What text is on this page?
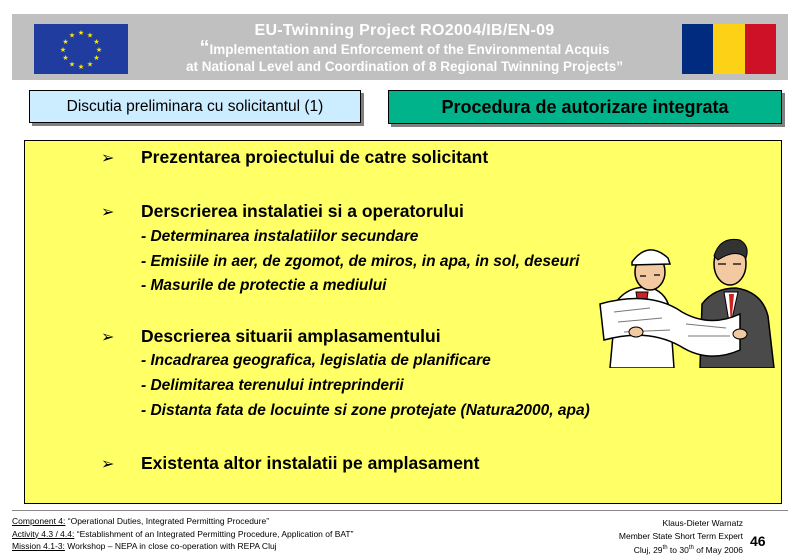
★ ★
★
★
★
★
★
★
★
★
★
★	EU-Twinning Project RO2004/IB/EN-09
“Implementation and Enforcement of the Environmental Acquis
at National Level and Coordination of 8 Regional Twinning Projects”
Discutia preliminara cu solicitantul (1)	Procedura de autorizare integrata
➢ Prezentarea proiectului de catre solicitant
➢ Derscrierea instalatiei si a operatorului
- Determinarea instalatiilor secundare
- Emisiile in aer, de zgomot, de miros, in apa, in sol, deseuri
- Masurile de protectie a mediului
➢ Descrierea situarii amplasamentului
- Incadrarea geografica, legislatia de planificare
- Delimitarea terenului intreprinderii
- Distanta fata de locuinte si zone protejate (Natura2000, apa)
➢ Existenta altor instalatii pe amplasament
Component 4: “Operational Duties, Integrated Permitting Procedure”
Activity 4.3 / 4.4: “Establishment of an Integrated Permitting Procedure, Application of BAT”
Mission 4.1-3: Workshop – NEPA in close co-operation with REPA Cluj
Klaus-Dieter Warnatz
Member State Short Term Expert
Cluj, 29th to 30th of May 2006
46
